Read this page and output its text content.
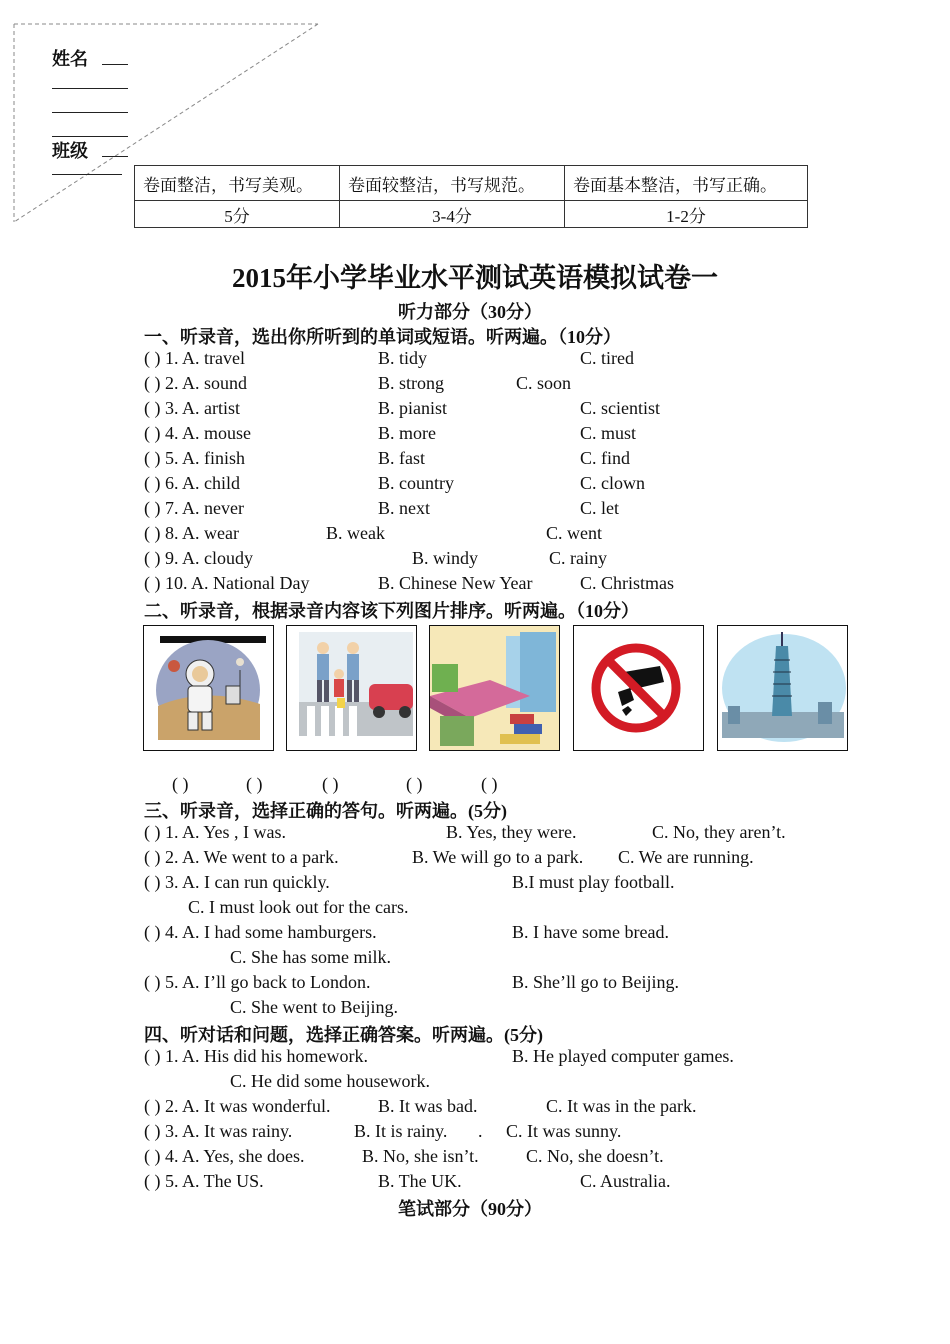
姓名
班级
卷面整洁，书写美观。	卷面较整洁，书写规范。	卷面基本整洁，书写正确。
5分	3-4分	1-2分
2015年小学毕业水平测试英语模拟试卷一
听力部分（30分）
一、听录音，选出你所听到的单词或短语。听两遍。（10分）
( ) 1. A. travel	B. tidy	C. tired
( ) 2. A. sound	B. strong	C. soon
( ) 3. A. artist	B. pianist	C. scientist
( ) 4. A. mouse	B. more	C. must
( ) 5. A. finish	B. fast	C. find
( ) 6. A. child	B. country	C. clown
( ) 7. A. never	B. next	C. let
( ) 8. A. wear	B. weak	C. went
( ) 9. A. cloudy	B. windy	C. rainy
( ) 10. A. National Day	B. Chinese New Year	C. Christmas
二、听录音，根据录音内容该下列图片排序。听两遍。（10分）
( )	( )	( )	( )	( )
三、听录音，选择正确的答句。听两遍。(5分)
( ) 1. A. Yes , I was.	B. Yes, they were.	C. No, they aren’t.
( ) 2. A. We went to a park.	B. We will go to a park. C. We are running.
( ) 3. A. I can run quickly.	B.I must play football.
C. I must look out for the cars.
( ) 4. A. I had some hamburgers.	B. I have some bread.
C. She has some milk.
( ) 5. A. I’ll go back to London.	B. She’ll go to Beijing.
C. She went to Beijing.
四、听对话和问题，选择正确答案。听两遍。(5分)
( ) 1. A. His did his homework.	B. He played computer games.
C. He did some housework.
( ) 2. A. It was wonderful.	B. It was bad.	C. It was in the park.
( ) 3. A. It was rainy.	B. It is rainy. . C. It was sunny.
( ) 4. A. Yes, she does.	B. No, she isn’t.	C. No, she doesn’t.
( ) 5. A. The US.	B. The UK.	C. Australia.
笔试部分（90分）
